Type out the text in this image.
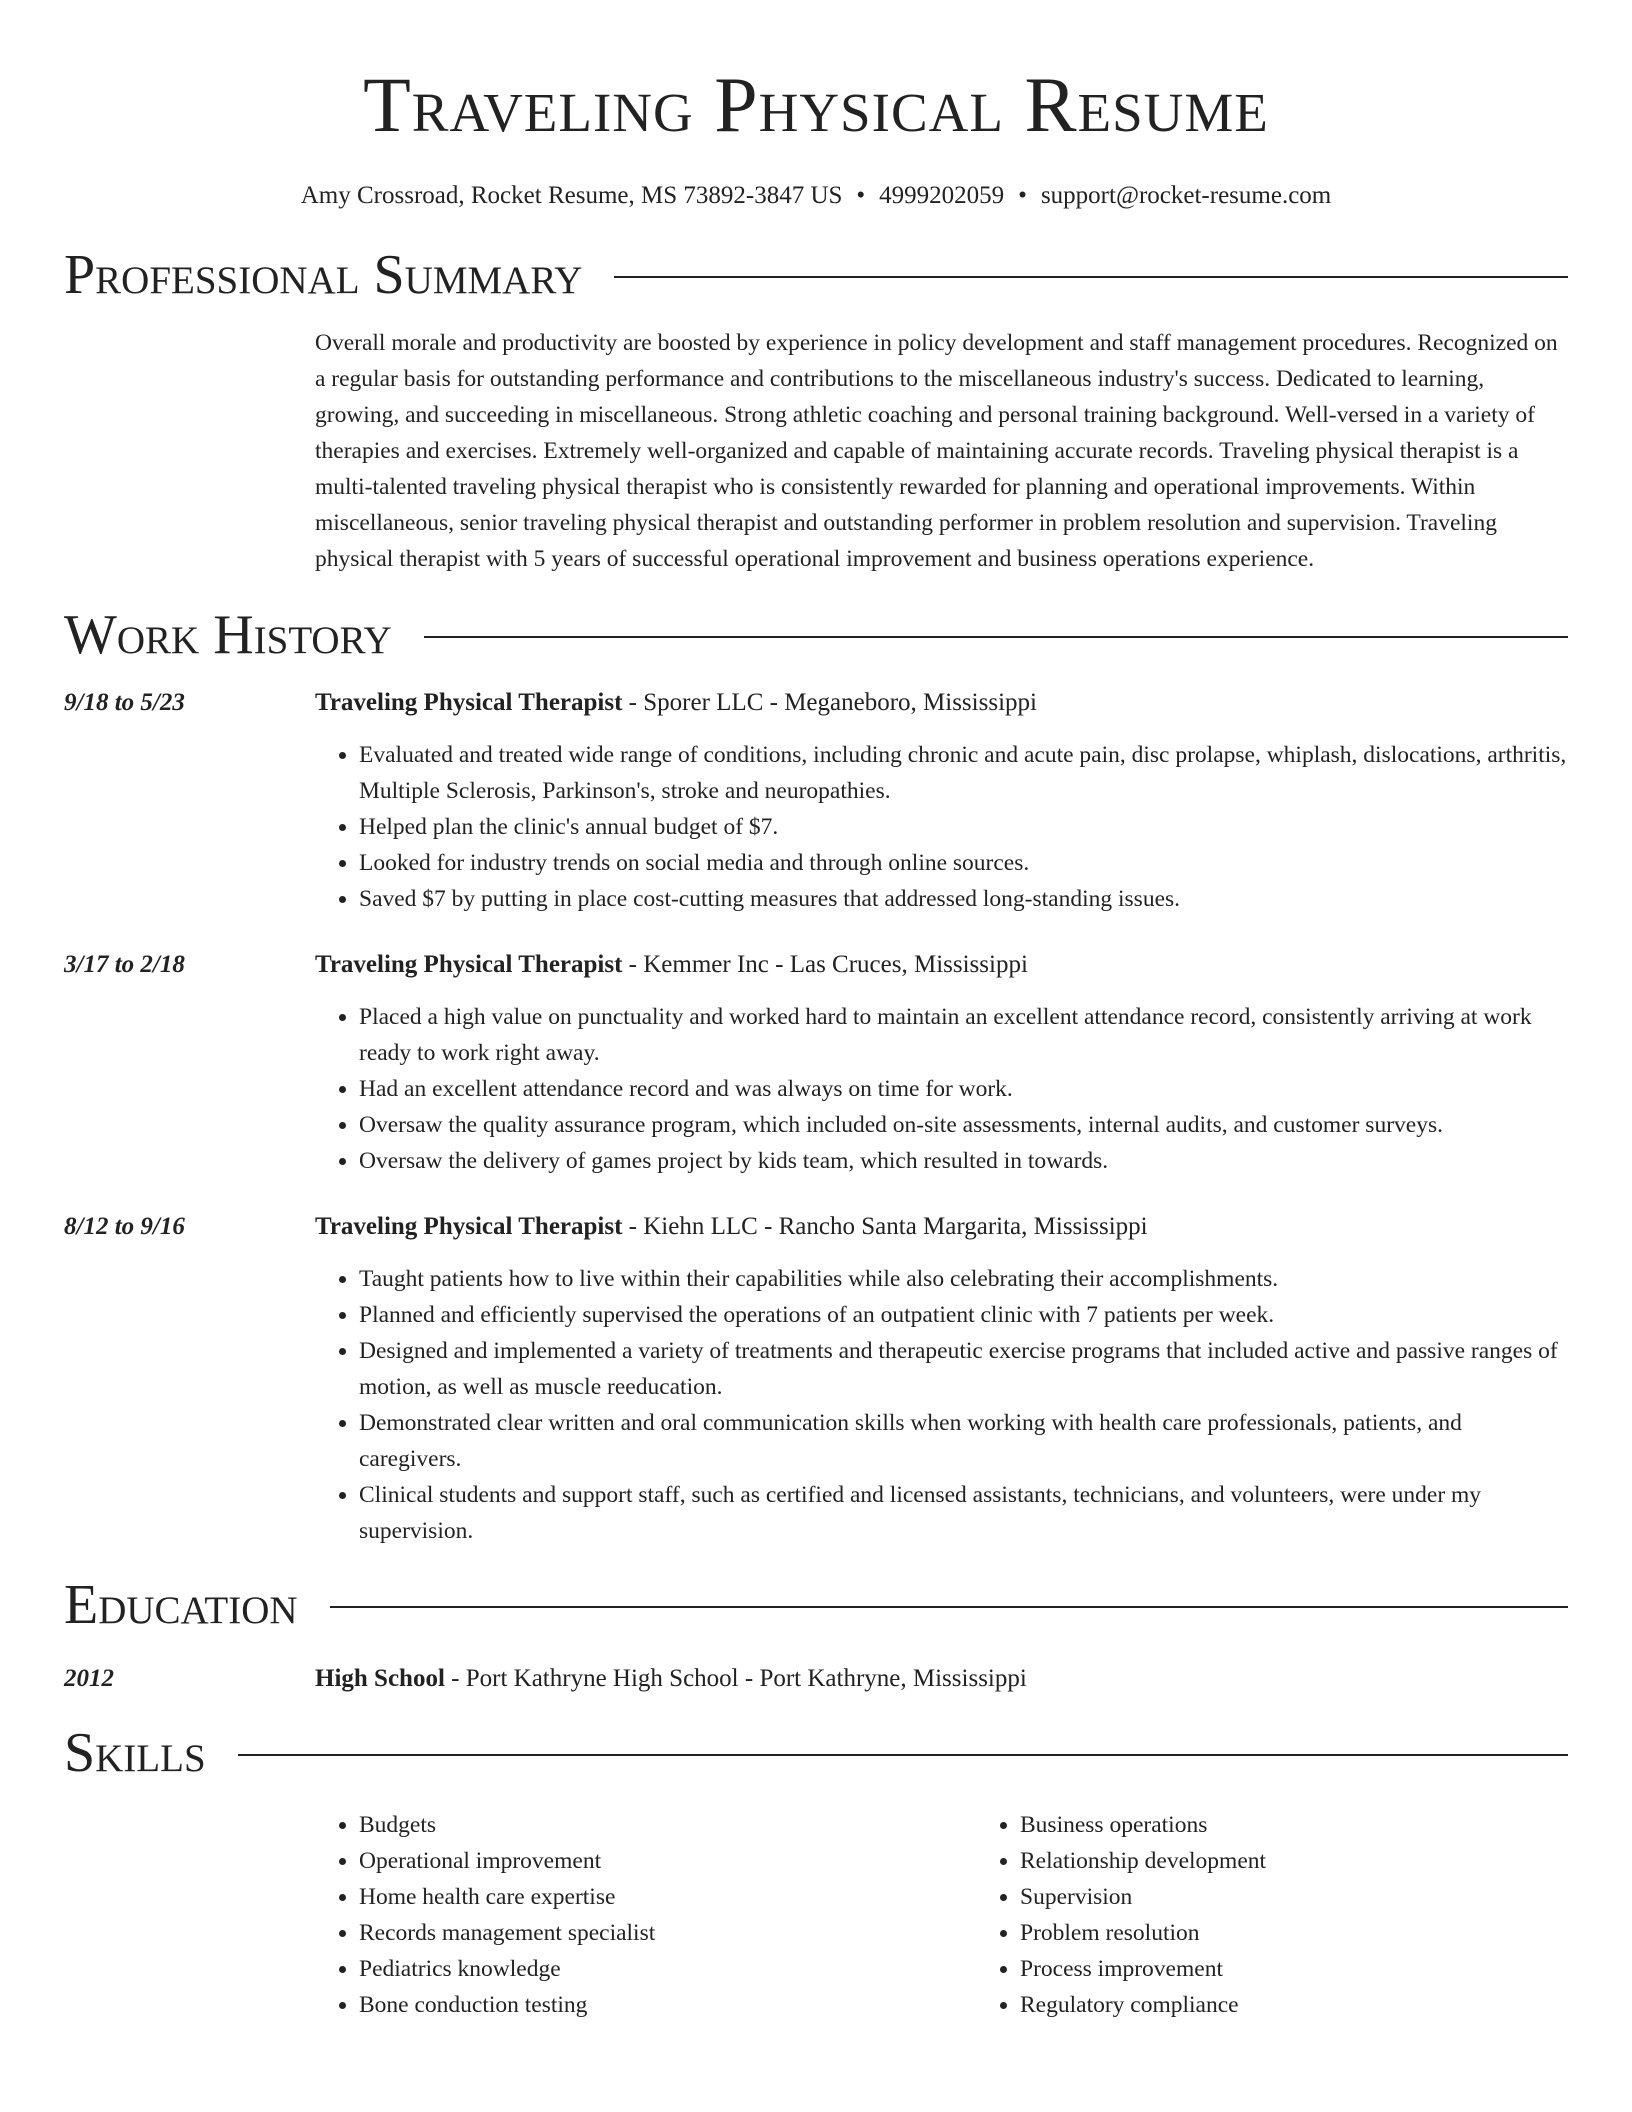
Traveling Physical Resume
Amy Crossroad, Rocket Resume, MS 73892-3847 US • 4999202059 • support@rocket-resume.com
Professional Summary
Overall morale and productivity are boosted by experience in policy development and staff management procedures. Recognized on a regular basis for outstanding performance and contributions to the miscellaneous industry's success. Dedicated to learning, growing, and succeeding in miscellaneous. Strong athletic coaching and personal training background. Well-versed in a variety of therapies and exercises. Extremely well-organized and capable of maintaining accurate records. Traveling physical therapist is a multi-talented traveling physical therapist who is consistently rewarded for planning and operational improvements. Within miscellaneous, senior traveling physical therapist and outstanding performer in problem resolution and supervision. Traveling physical therapist with 5 years of successful operational improvement and business operations experience.
Work History
9/18 to 5/23	Traveling Physical Therapist - Sporer LLC - Meganeboro, Mississippi
• Evaluated and treated wide range of conditions, including chronic and acute pain, disc prolapse, whiplash, dislocations, arthritis, Multiple Sclerosis, Parkinson's, stroke and neuropathies.
• Helped plan the clinic's annual budget of $7.
• Looked for industry trends on social media and through online sources.
• Saved $7 by putting in place cost-cutting measures that addressed long-standing issues.
3/17 to 2/18	Traveling Physical Therapist - Kemmer Inc - Las Cruces, Mississippi
• Placed a high value on punctuality and worked hard to maintain an excellent attendance record, consistently arriving at work ready to work right away.
• Had an excellent attendance record and was always on time for work.
• Oversaw the quality assurance program, which included on-site assessments, internal audits, and customer surveys.
• Oversaw the delivery of games project by kids team, which resulted in towards.
8/12 to 9/16	Traveling Physical Therapist - Kiehn LLC - Rancho Santa Margarita, Mississippi
• Taught patients how to live within their capabilities while also celebrating their accomplishments.
• Planned and efficiently supervised the operations of an outpatient clinic with 7 patients per week.
• Designed and implemented a variety of treatments and therapeutic exercise programs that included active and passive ranges of motion, as well as muscle reeducation.
• Demonstrated clear written and oral communication skills when working with health care professionals, patients, and caregivers.
• Clinical students and support staff, such as certified and licensed assistants, technicians, and volunteers, were under my supervision.
Education
2012	High School - Port Kathryne High School - Port Kathryne, Mississippi
Skills
• Budgets
• Operational improvement
• Home health care expertise
• Records management specialist
• Pediatrics knowledge
• Bone conduction testing
• Business operations
• Relationship development
• Supervision
• Problem resolution
• Process improvement
• Regulatory compliance
